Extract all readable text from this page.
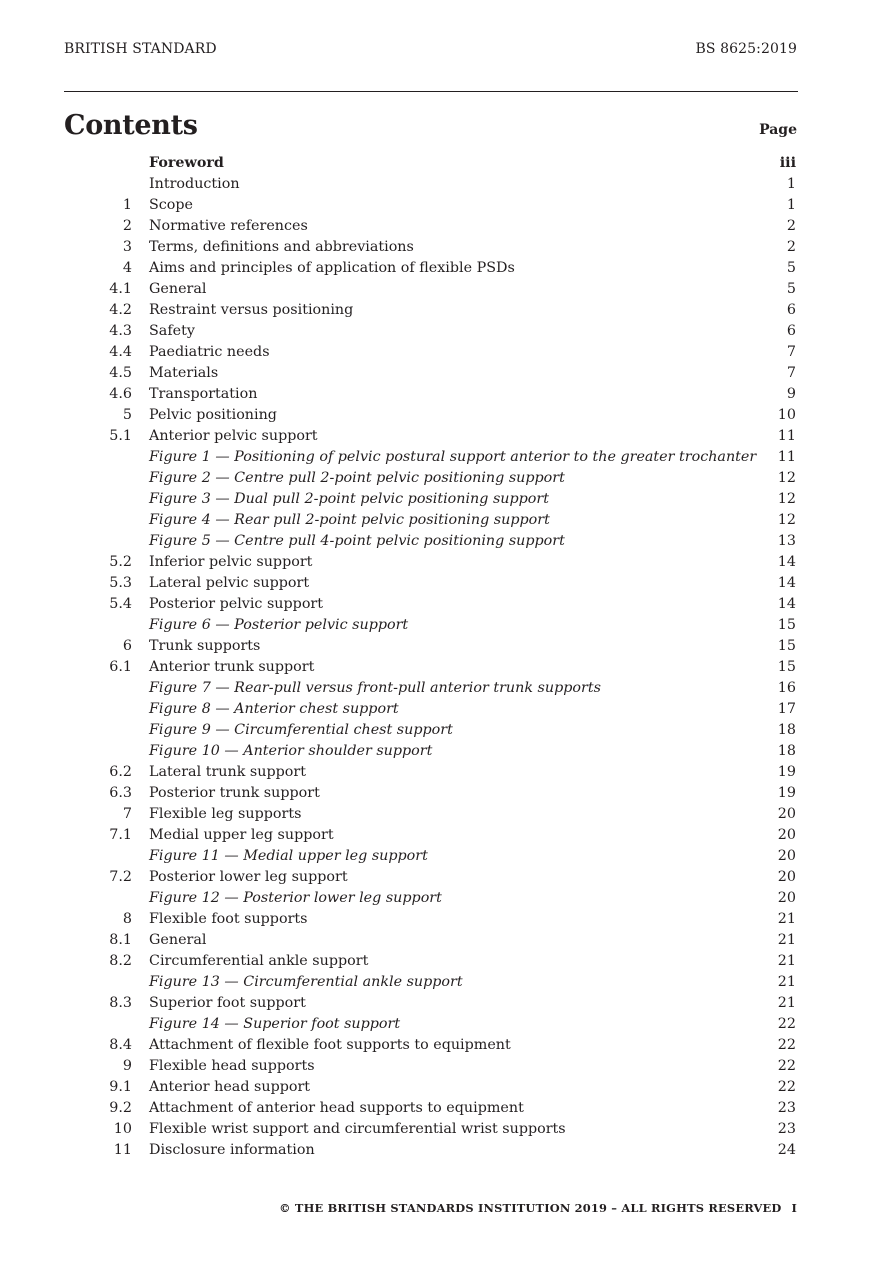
BRITISH STANDARD	BS 8625:2019
Contents	Page
Foreword	iii
Introduction	1
1 Scope	1
2 Normative references	2
3 Terms, definitions and abbreviations	2
4 Aims and principles of application of flexible PSDs	5
4.1 General	5
4.2 Restraint versus positioning	6
4.3 Safety	6
4.4 Paediatric needs	7
4.5 Materials	7
4.6 Transportation	9
5 Pelvic positioning	10
5.1 Anterior pelvic support	11
Figure 1 — Positioning of pelvic postural support anterior to the greater trochanter 11
Figure 2 — Centre pull 2-point pelvic positioning support	12
Figure 3 — Dual pull 2-point pelvic positioning support	12
Figure 4 — Rear pull 2-point pelvic positioning support	12
Figure 5 — Centre pull 4-point pelvic positioning support	13
5.2 Inferior pelvic support	14
5.3 Lateral pelvic support	14
5.4 Posterior pelvic support	14
Figure 6 — Posterior pelvic support	15
6 Trunk supports	15
6.1 Anterior trunk support	15
Figure 7 — Rear-pull versus front-pull anterior trunk supports	16
Figure 8 — Anterior chest support	17
Figure 9 — Circumferential chest support	18
Figure 10 — Anterior shoulder support	18
6.2 Lateral trunk support	19
6.3 Posterior trunk support	19
7 Flexible leg supports	20
7.1 Medial upper leg support	20
Figure 11 — Medial upper leg support	20
7.2 Posterior lower leg support	20
Figure 12 — Posterior lower leg support	20
8 Flexible foot supports	21
8.1 General	21
8.2 Circumferential ankle support	21
Figure 13 — Circumferential ankle support	21
8.3 Superior foot support	21
Figure 14 — Superior foot support	22
8.4 Attachment of flexible foot supports to equipment	22
9 Flexible head supports	22
9.1 Anterior head support	22
9.2 Attachment of anterior head supports to equipment	23
10 Flexible wrist support and circumferential wrist supports	23
11 Disclosure information	24
© THE BRITISH STANDARDS INSTITUTION 2019 – ALL RIGHTS RESERVED I
